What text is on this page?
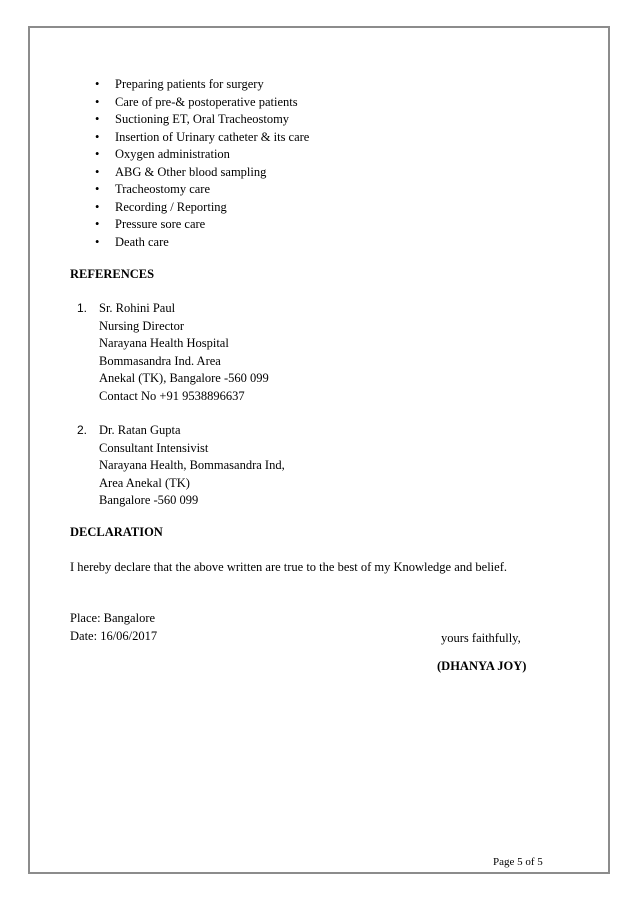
• Preparing patients for surgery
• Care of pre-& postoperative patients
• Suctioning ET, Oral Tracheostomy
• Insertion of Urinary catheter & its care
• Oxygen administration
• ABG & Other blood sampling
• Tracheostomy care
• Recording / Reporting
• Pressure sore care
• Death care
REFERENCES
1. Sr. Rohini Paul
Nursing Director
Narayana Health Hospital
Bommasandra Ind. Area
Anekal (TK), Bangalore -560 099
Contact No +91 9538896637
2. Dr. Ratan Gupta
Consultant Intensivist
Narayana Health, Bommasandra Ind,
Area Anekal (TK)
Bangalore -560 099
DECLARATION
I hereby declare that the above written are true to the best of my Knowledge and belief.
Place: Bangalore
Date: 16/06/2017	yours faithfully,
(DHANYA JOY)
Page 5 of 5
